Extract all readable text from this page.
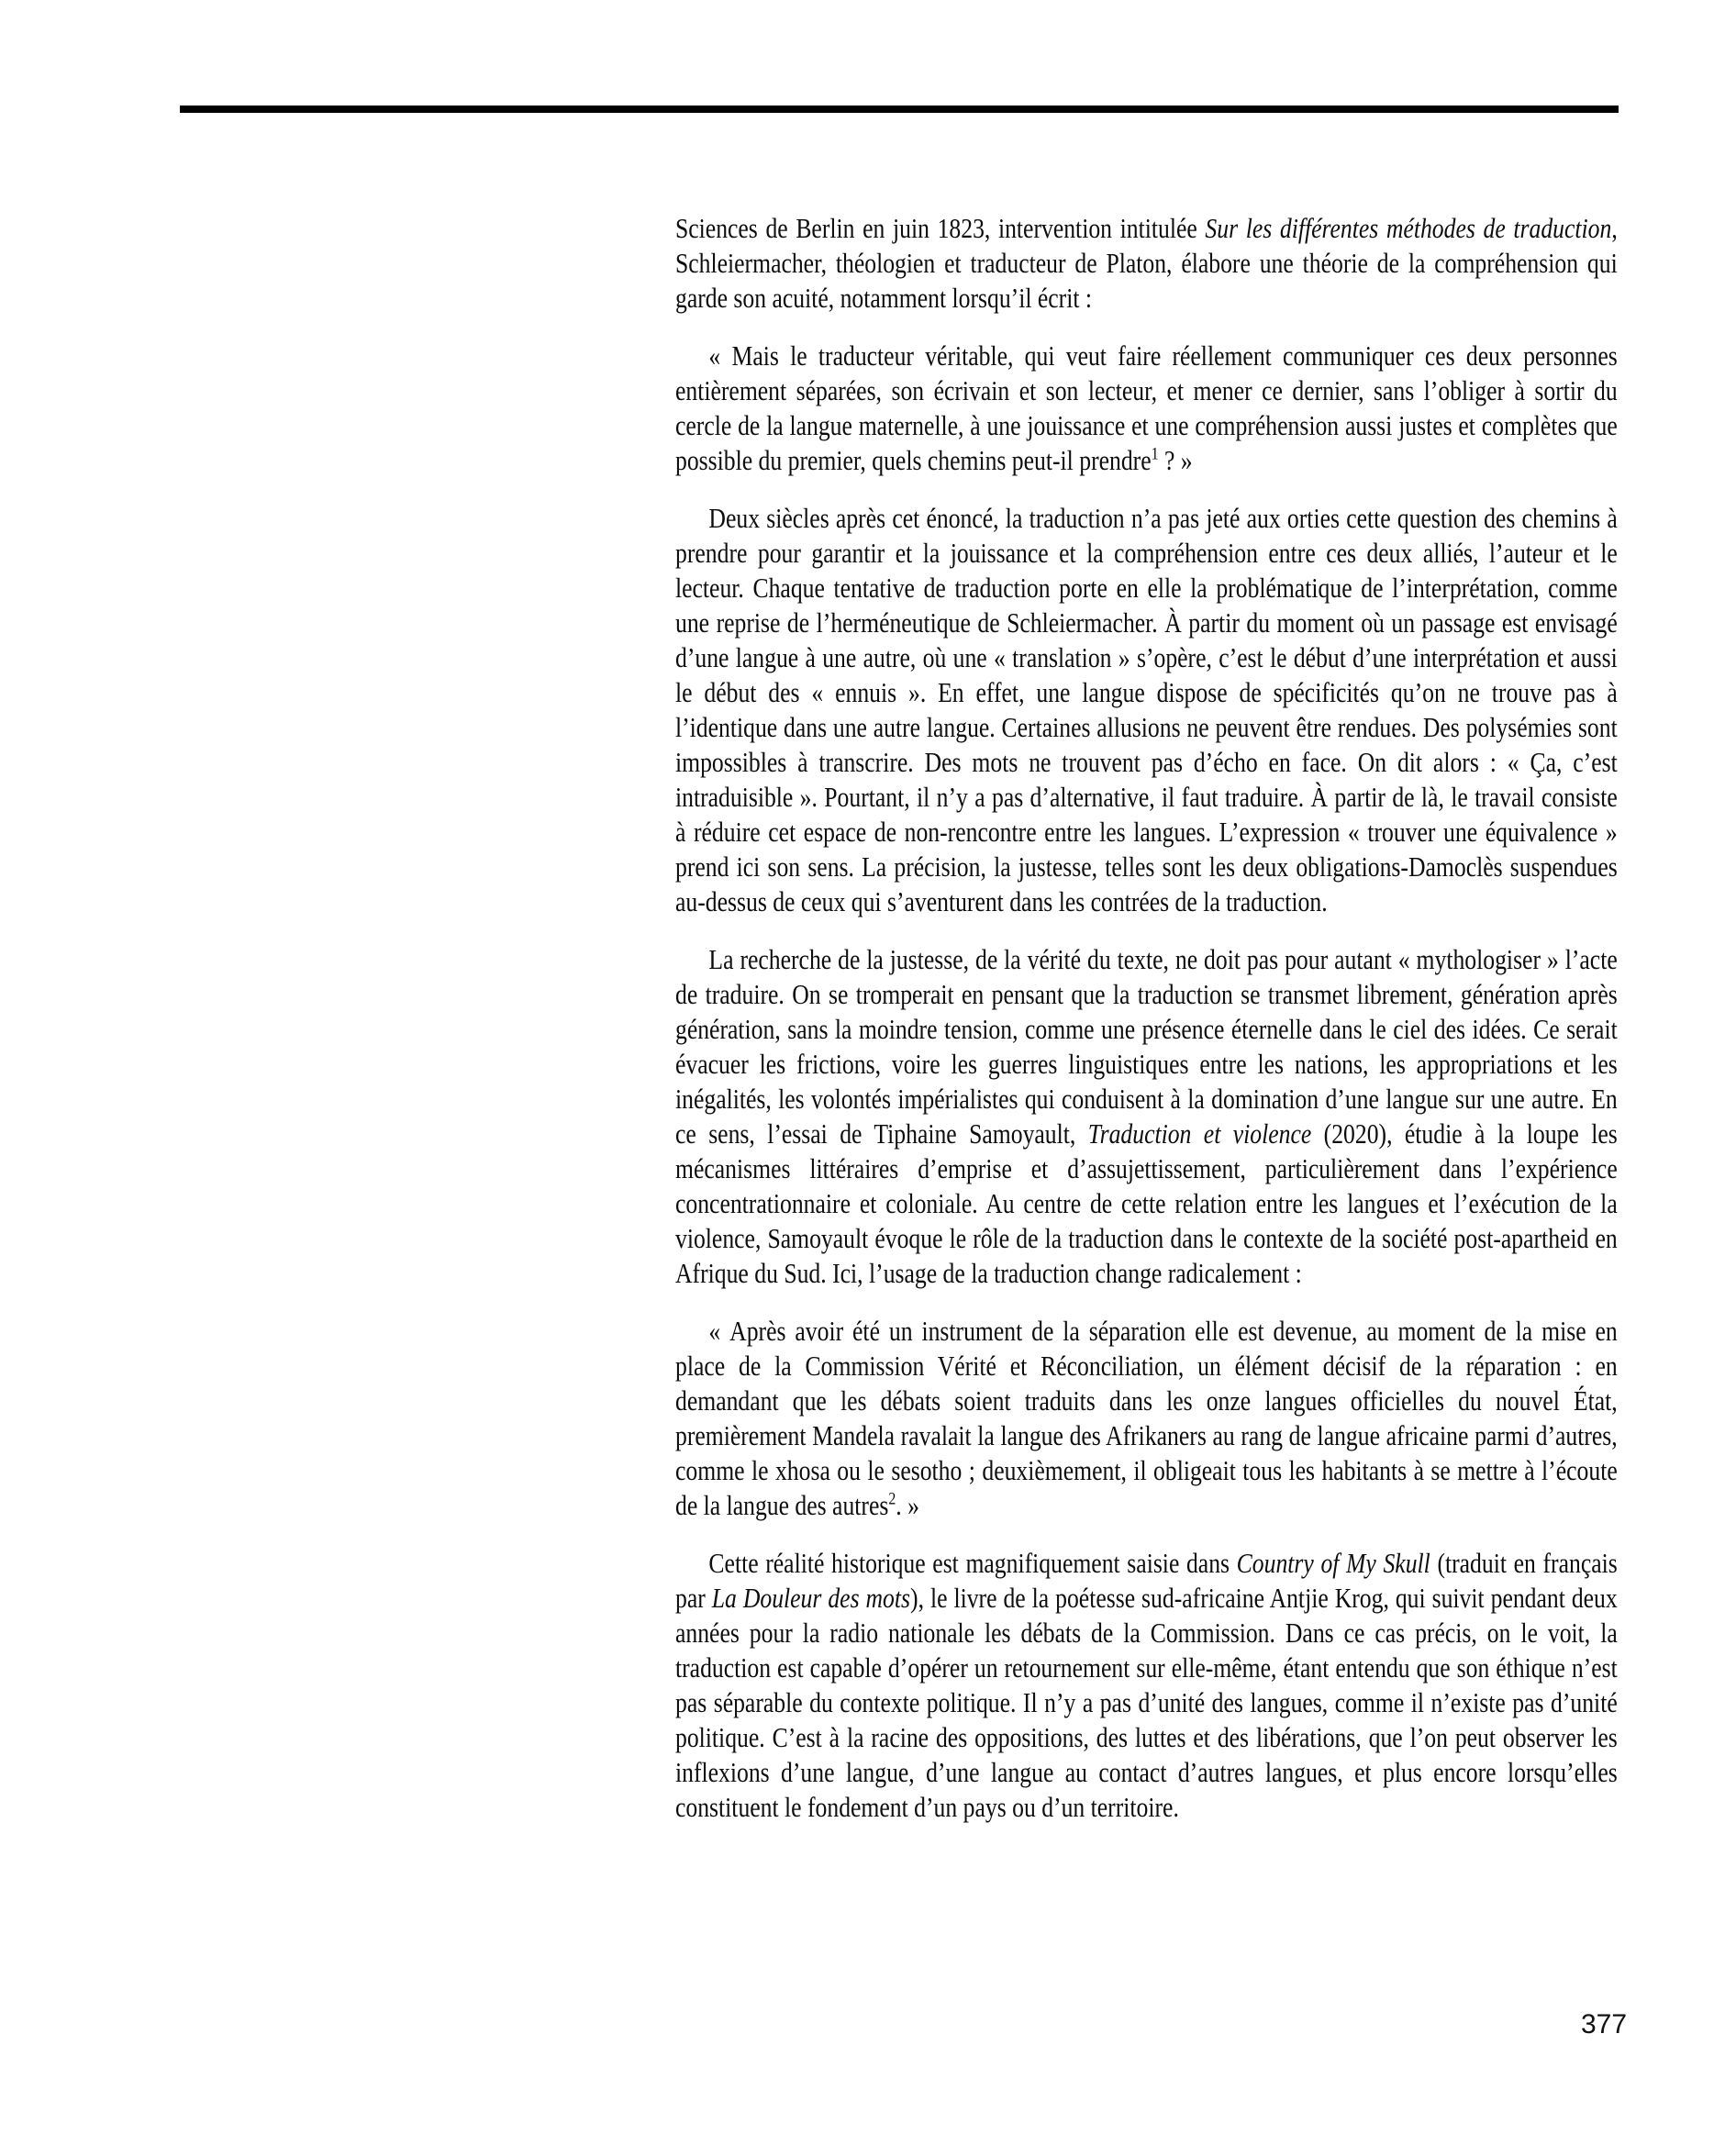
Sciences de Berlin en juin 1823, intervention intitulée Sur les différentes méthodes de traduction, Schleiermacher, théologien et traducteur de Platon, élabore une théorie de la compréhension qui garde son acuité, notamment lorsqu’il écrit :

« Mais le traducteur véritable, qui veut faire réellement communiquer ces deux personnes entièrement séparées, son écrivain et son lecteur, et mener ce dernier, sans l’obliger à sortir du cercle de la langue maternelle, à une jouissance et une compréhension aussi justes et complètes que possible du premier, quels chemins peut-il prendre$^1$ ? »

Deux siècles après cet énoncé, la traduction n’a pas jeté aux orties cette question des chemins à prendre pour garantir et la jouissance et la compréhension entre ces deux alliés, l’auteur et le lecteur. Chaque tentative de traduction porte en elle la problématique de l’interprétation, comme une reprise de l’herméneutique de Schleiermacher. À partir du moment où un passage est envisagé d’une langue à une autre, où une « translation » s’opère, c’est le début d’une interprétation et aussi le début des « ennuis ». En effet, une langue dispose de spécificités qu’on ne trouve pas à l’identique dans une autre langue. Certaines allusions ne peuvent être rendues. Des polysémies sont impossibles à transcrire. Des mots ne trouvent pas d’écho en face. On dit alors : « Ça, c’est intraduisible ». Pourtant, il n’y a pas d’alternative, il faut traduire. À partir de là, le travail consiste à réduire cet espace de non-rencontre entre les langues. L’expression « trouver une équivalence » prend ici son sens. La précision, la justesse, telles sont les deux obligations-Damoclès suspendues au-dessus de ceux qui s’aventurent dans les contrées de la traduction.

La recherche de la justesse, de la vérité du texte, ne doit pas pour autant « mythologiser » l’acte de traduire. On se tromperait en pensant que la traduction se transmet librement, génération après génération, sans la moindre tension, comme une présence éternelle dans le ciel des idées. Ce serait évacuer les frictions, voire les guerres linguistiques entre les nations, les appropriations et les inégalités, les volontés impérialistes qui conduisent à la domination d’une langue sur une autre. En ce sens, l’essai de Tiphaine Samoyault, Traduction et violence (2020), étudie à la loupe les mécanismes littéraires d’emprise et d’assujettissement, particulièrement dans l’expérience concentrationnaire et coloniale. Au centre de cette relation entre les langues et l’exécution de la violence, Samoyault évoque le rôle de la traduction dans le contexte de la société post-apartheid en Afrique du Sud. Ici, l’usage de la traduction change radicalement :

« Après avoir été un instrument de la séparation elle est devenue, au moment de la mise en place de la Commission Vérité et Réconciliation, un élément décisif de la réparation : en demandant que les débats soient traduits dans les onze langues officielles du nouvel État, premièrement Mandela ravalait la langue des Afrikaners au rang de langue africaine parmi d’autres, comme le xhosa ou le sesotho ; deuxièmement, il obligeait tous les habitants à se mettre à l’écoute de la langue des autres$^2$. »

Cette réalité historique est magnifiquement saisie dans Country of My Skull (traduit en français par La Douleur des mots), le livre de la poétesse sud-africaine Antjie Krog, qui suivit pendant deux années pour la radio nationale les débats de la Commission. Dans ce cas précis, on le voit, la traduction est capable d’opérer un retournement sur elle-même, étant entendu que son éthique n’est pas séparable du contexte politique. Il n’y a pas d’unité des langues, comme il n’existe pas d’unité politique. C’est à la racine des oppositions, des luttes et des libérations, que l’on peut observer les inflexions d’une langue, d’une langue au contact d’autres langues, et plus encore lorsqu’elles constituent le fondement d’un pays ou d’un territoire.

377
